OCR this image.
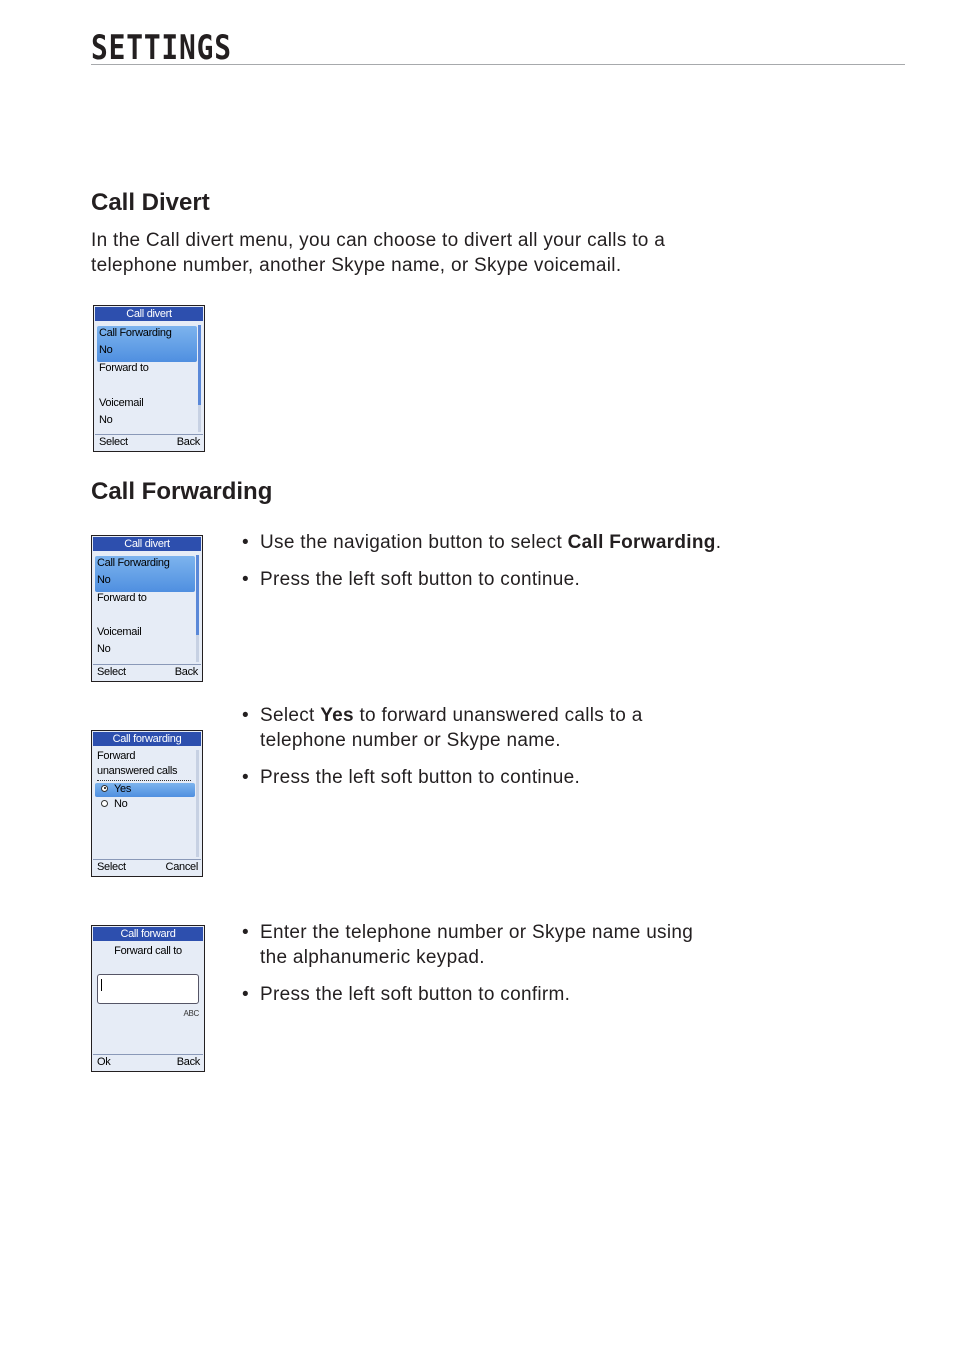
SETTINGS
Call Divert

In the Call divert menu, you can choose to divert all your calls to a
telephone number, another Skype name, or Skype voicemail.

Call divert
Call Forwarding
No
Forward to
Voicemail
No
Select	Back
Call Forwarding
Call divert
Call Forwarding
No
Forward to
Voicemail
No
Select	Back
• Use the navigation button to select Call Forwarding.
• Press the left soft button to continue.
Call forwarding
Forward
unanswered calls
Yes
No
Select	Cancel
• Select Yes to forward unanswered calls to a
telephone number or Skype name.
• Press the left soft button to continue.
Call forward
Forward call to
ABC
Ok	Back
• Enter the telephone number or Skype name using
the alphanumeric keypad.
• Press the left soft button to confirm.
